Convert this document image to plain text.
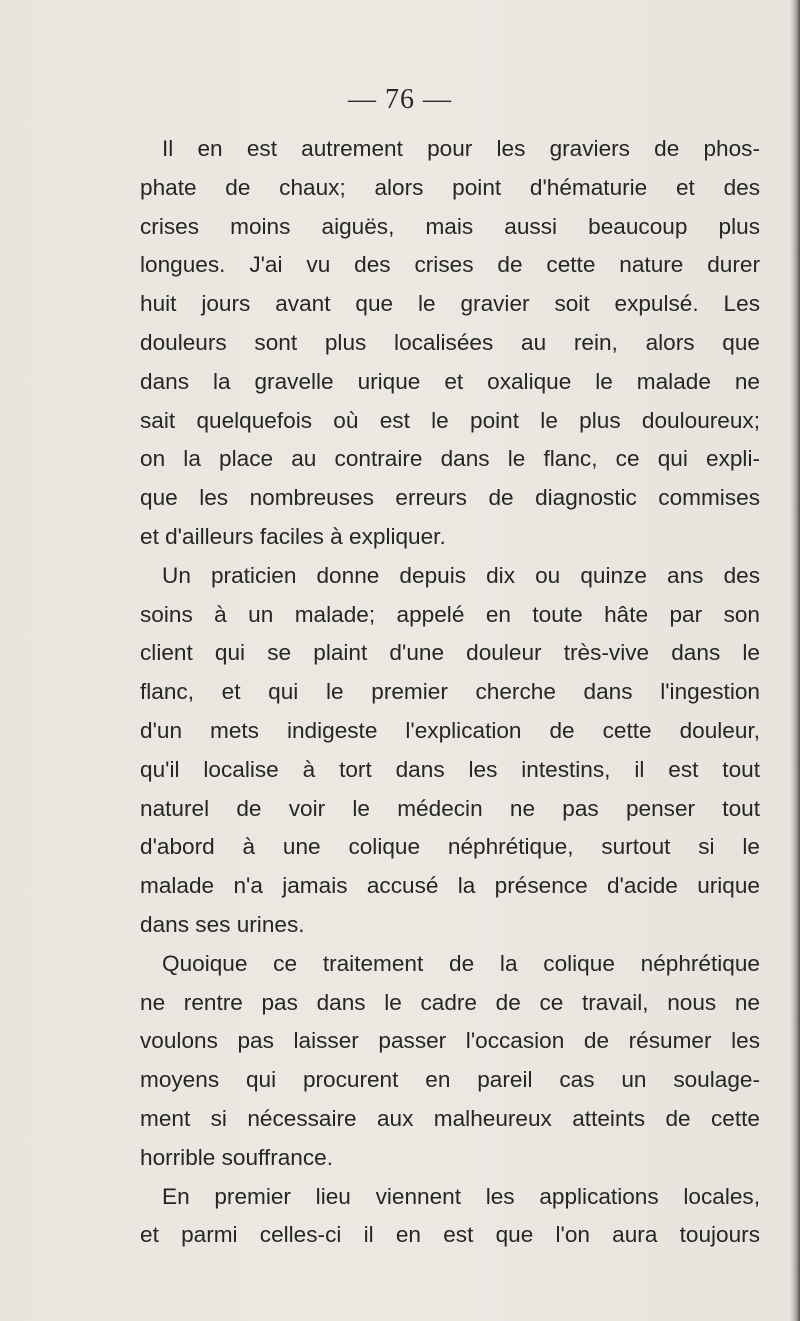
— 76 —
Il en est autrement pour les graviers de phos-
phate de chaux; alors point d'hématurie et des
crises moins aiguës, mais aussi beaucoup plus
longues. J'ai vu des crises de cette nature durer
huit jours avant que le gravier soit expulsé. Les
douleurs sont plus localisées au rein, alors que
dans la gravelle urique et oxalique le malade ne
sait quelquefois où est le point le plus douloureux;
on la place au contraire dans le flanc, ce qui expli-
que les nombreuses erreurs de diagnostic commises
et d'ailleurs faciles à expliquer.
Un praticien donne depuis dix ou quinze ans des
soins à un malade; appelé en toute hâte par son
client qui se plaint d'une douleur très-vive dans le
flanc, et qui le premier cherche dans l'ingestion
d'un mets indigeste l'explication de cette douleur,
qu'il localise à tort dans les intestins, il est tout
naturel de voir le médecin ne pas penser tout
d'abord à une colique néphrétique, surtout si le
malade n'a jamais accusé la présence d'acide urique
dans ses urines.
Quoique ce traitement de la colique néphrétique
ne rentre pas dans le cadre de ce travail, nous ne
voulons pas laisser passer l'occasion de résumer les
moyens qui procurent en pareil cas un soulage-
ment si nécessaire aux malheureux atteints de cette
horrible souffrance.
En premier lieu viennent les applications locales,
et parmi celles-ci il en est que l'on aura toujours
